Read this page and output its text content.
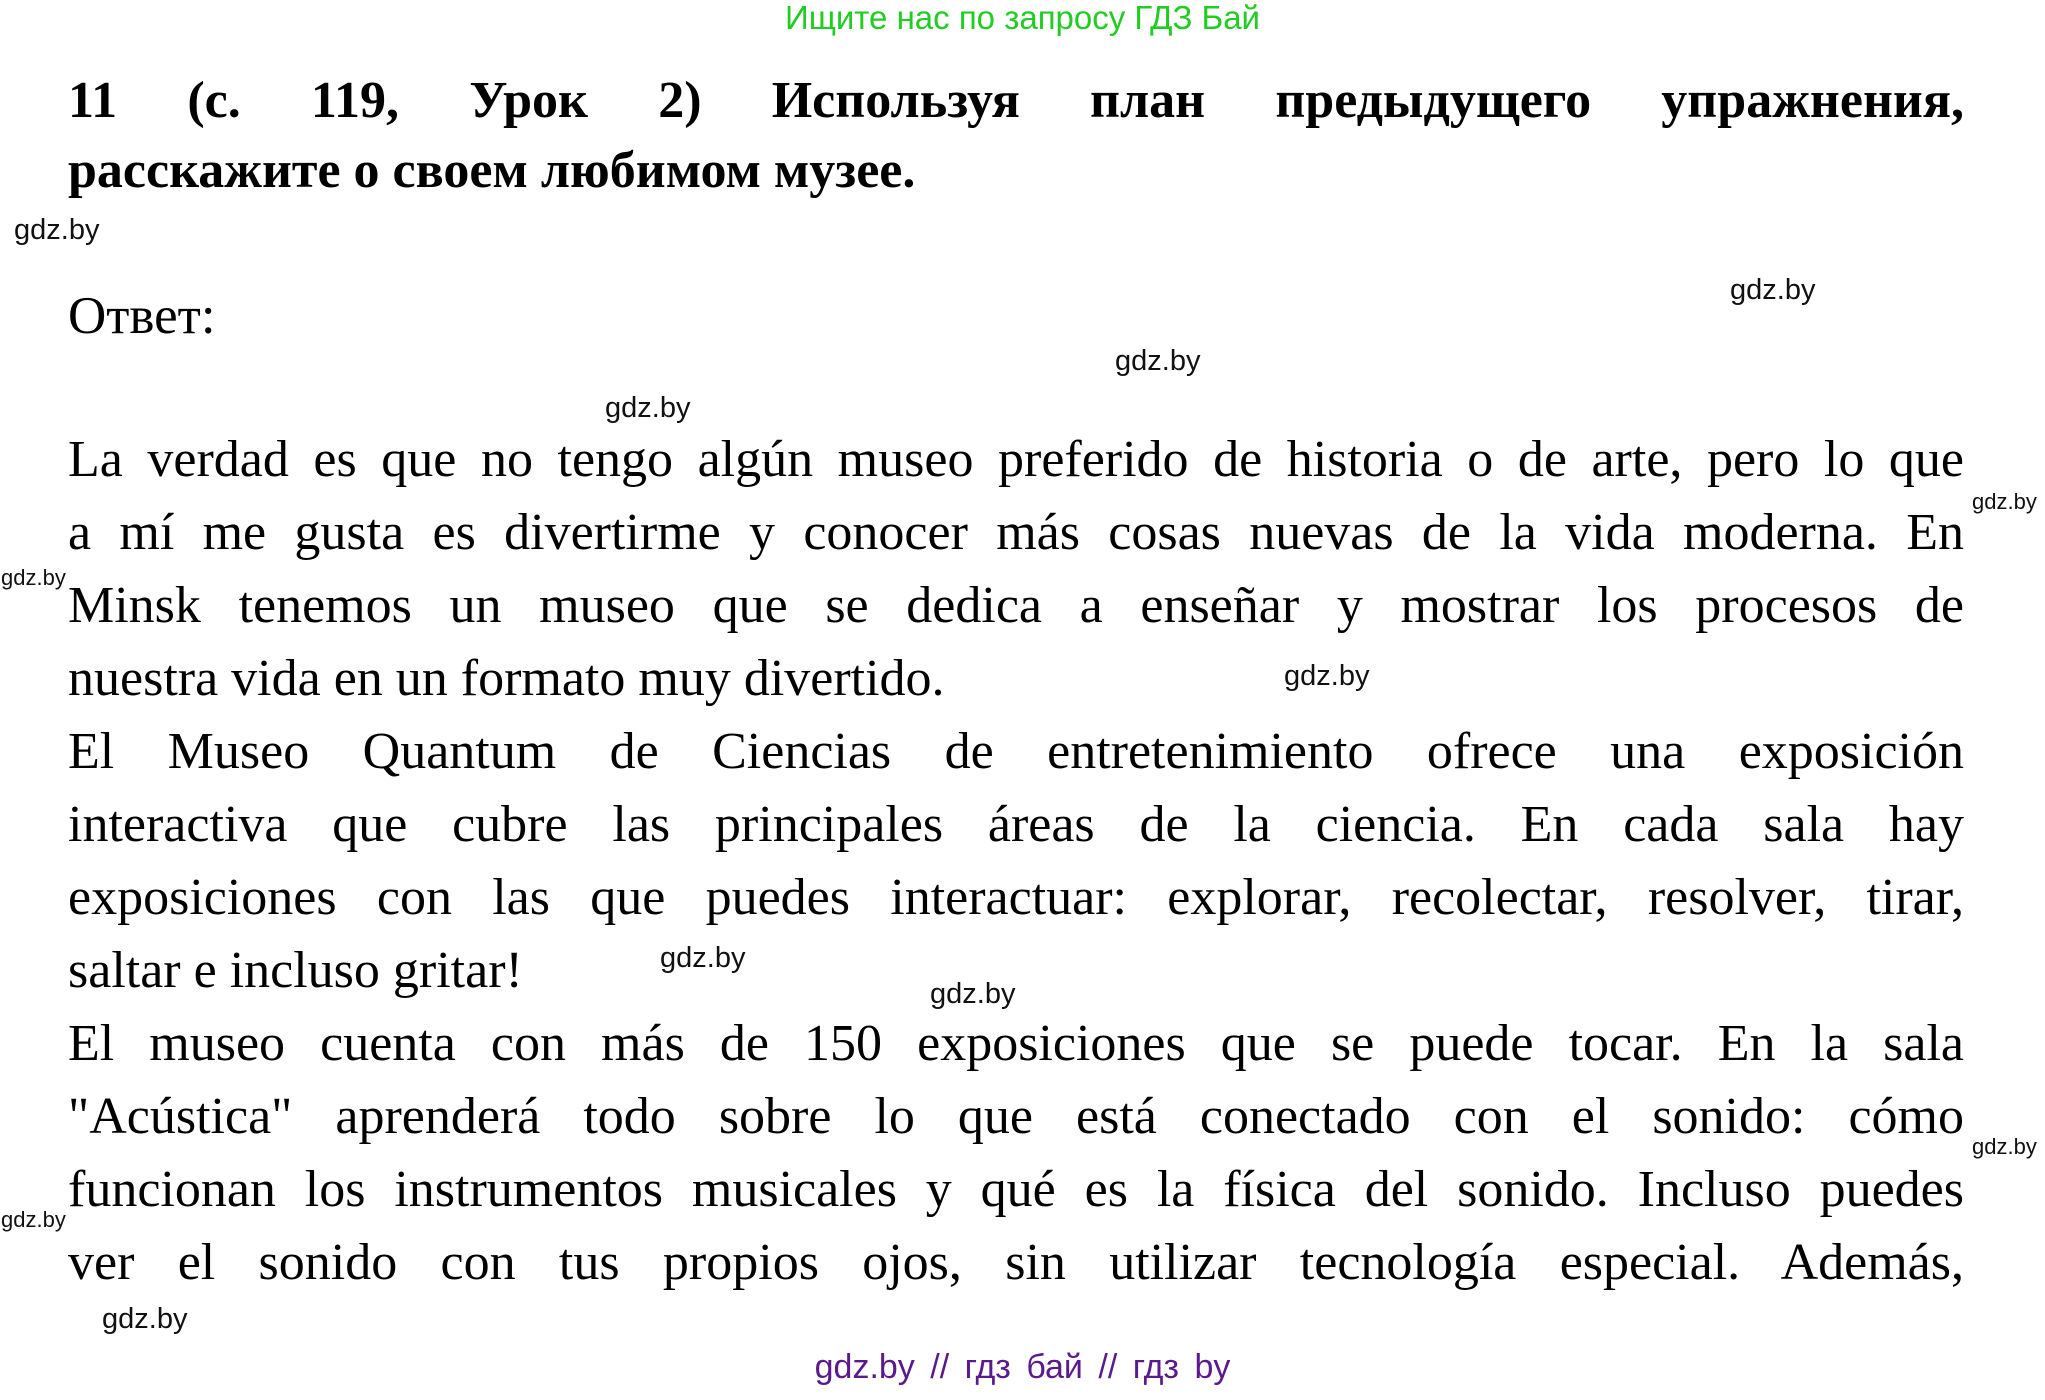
Ищите нас по запросу ГДЗ Бай
11 (с. 119, Урок 2) Используя план предыдущего упражнения,
расскажите о своем любимом музее.
Ответ:
La verdad es que no tengo algún museo preferido de historia o de arte, pero lo que
a mí me gusta es divertirme y conocer más cosas nuevas de la vida moderna. En
Minsk tenemos un museo que se dedica a enseñar y mostrar los procesos de
nuestra vida en un formato muy divertido.
El Museo Quantum de Ciencias de entretenimiento ofrece una exposición
interactiva que cubre las principales áreas de la ciencia. En cada sala hay
exposiciones con las que puedes interactuar: explorar, recolectar, resolver, tirar,
saltar e incluso gritar!
El museo cuenta con más de 150 exposiciones que se puede tocar. En la sala
"Acústica" aprenderá todo sobre lo que está conectado con el sonido: cómo
funcionan los instrumentos musicales y qué es la física del sonido. Incluso puedes
ver el sonido con tus propios ojos, sin utilizar tecnología especial. Además,
gdz.by
gdz.by
gdz.by
gdz.by
gdz.by
gdz.by
gdz.by
gdz.by
gdz.by
gdz.by
gdz.by
gdz.by
gdz.by // гдз бай // гдз by
